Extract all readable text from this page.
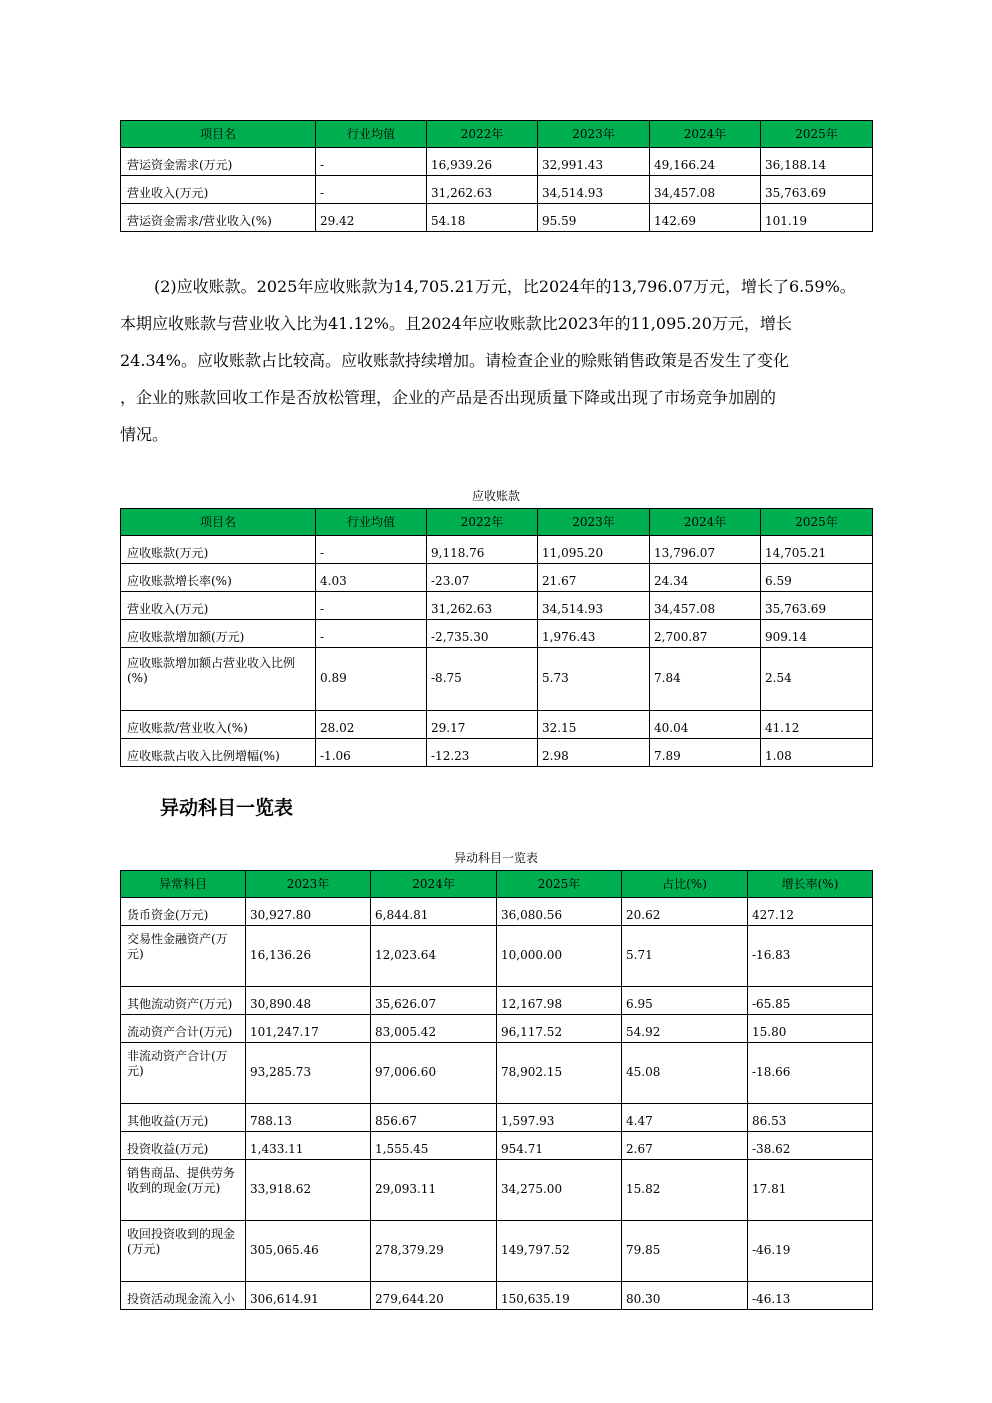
项目名	行业均值	2022年	2023年	2024年	2025年
营运资金需求(万元)	-	16,939.26	32,991.43	49,166.24	36,188.14
营业收入(万元)	-	31,262.63	34,514.93	34,457.08	35,763.69
营运资金需求/营业收入(%)	29.42	54.18	95.59	142.69	101.19

(2)应收账款。2025年应收账款为14,705.21万元，比2024年的13,796.07万元，增长了6.59%。

本期应收账款与营业收入比为41.12%。且2024年应收账款比2023年的11,095.20万元，增长

24.34%。应收账款占比较高。应收账款持续增加。请检查企业的赊账销售政策是否发生了变化

，企业的账款回收工作是否放松管理，企业的产品是否出现质量下降或出现了市场竞争加剧的

情况。

应收账款
项目名	行业均值	2022年	2023年	2024年	2025年
应收账款(万元)	-	9,118.76	11,095.20	13,796.07	14,705.21
应收账款增长率(%)	4.03	-23.07	21.67	24.34	6.59
营业收入(万元)	-	31,262.63	34,514.93	34,457.08	35,763.69
应收账款增加额(万元)	-	-2,735.30	1,976.43	2,700.87	909.14
应收账款增加额占营业收入比例(%)	0.89	-8.75	5.73	7.84	2.54
应收账款/营业收入(%)	28.02	29.17	32.15	40.04	41.12
应收账款占收入比例增幅(%)	-1.06	-12.23	2.98	7.89	1.08
异动科目一览表
异动科目一览表
异常科目	2023年	2024年	2025年	占比(%)	增长率(%)
货币资金(万元)	30,927.80	6,844.81	36,080.56	20.62	427.12
交易性金融资产(万元)	16,136.26	12,023.64	10,000.00	5.71	-16.83
其他流动资产(万元)	30,890.48	35,626.07	12,167.98	6.95	-65.85
流动资产合计(万元)	101,247.17	83,005.42	96,117.52	54.92	15.80
非流动资产合计(万元)	93,285.73	97,006.60	78,902.15	45.08	-18.66
其他收益(万元)	788.13	856.67	1,597.93	4.47	86.53
投资收益(万元)	1,433.11	1,555.45	954.71	2.67	-38.62
销售商品、提供劳务收到的现金(万元)	33,918.62	29,093.11	34,275.00	15.82	17.81
收回投资收到的现金(万元)	305,065.46	278,379.29	149,797.52	79.85	-46.19
投资活动现金流入小	306,614.91	279,644.20	150,635.19	80.30	-46.13
